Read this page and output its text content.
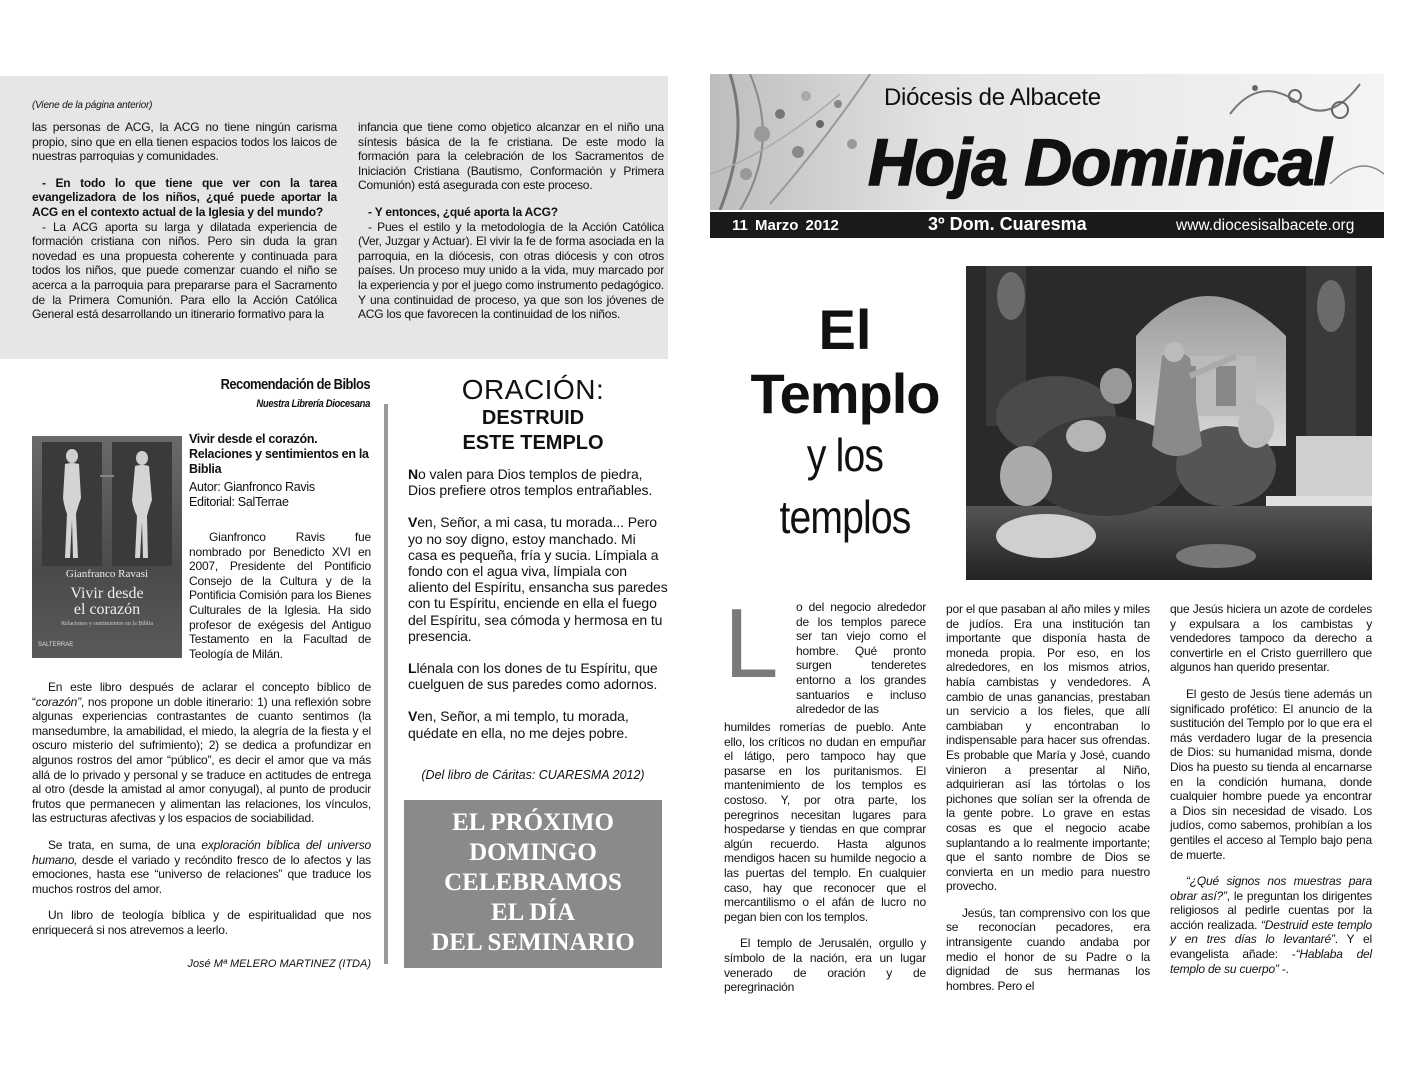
(Viene de la página anterior)

las personas de ACG, la ACG no tiene ningún carisma propio, sino que en ella tienen espacios todos los laicos de nuestras parroquias y comunidades.

- En todo lo que tiene que ver con la tarea evangelizadora de los niños, ¿qué puede aportar la ACG en el contexto actual de la Iglesia y del mundo?

- La ACG aporta su larga y dilatada experiencia de formación cristiana con niños. Pero sin duda la gran novedad es una propuesta coherente y continuada para todos los niños, que puede comenzar cuando el niño se acerca a la parroquia para prepararse para el Sacramento de la Primera Comunión. Para ello la Acción Católica General está desarrollando un itinerario formativo para la

infancia que tiene como objetico alcanzar en el niño una síntesis básica de la fe cristiana. De este modo la formación para la celebración de los Sacramentos de Iniciación Cristiana (Bautismo, Conformación y Primera Comunión) está asegurada con este proceso.

- Y entonces, ¿qué aporta la ACG?

- Pues el estilo y la metodología de la Acción Católica (Ver, Juzgar y Actuar). El vivir la fe de forma asociada en la parroquia, en la diócesis, con otras diócesis y con otros países. Un proceso muy unido a la vida, muy marcado por la experiencia y por el juego como instrumento pedagógico. Y una continuidad de proceso, ya que son los jóvenes de ACG los que favorecen la continuidad de los niños.

Recomendación de Biblos
Nuestra Librería Diocesana
Gianfranco Ravasi
Vivir desde
el corazón
Relaciones y sentimientos en la Biblia
SALTERRAE
Vivir desde el corazón. Relaciones y sentimientos en la Biblia
Autor: Gianfronco Ravis
Editorial: SalTerrae

Gianfronco Ravis fue nombrado por Benedicto XVI en 2007, Presidente del Pontificio Consejo de la Cultura y de la Pontificia Comisión para los Bienes Culturales de la Iglesia. Ha sido profesor de exégesis del Antiguo Testamento en la Facultad de Teología de Milán.

En este libro después de aclarar el concepto bíblico de “corazón”, nos propone un doble itinerario: 1) una reflexión sobre algunas experiencias contrastantes de cuanto sentimos (la mansedumbre, la amabilidad, el miedo, la alegría de la fiesta y el oscuro misterio del sufrimiento); 2) se dedica a profundizar en algunos rostros del amor “público”, es decir el amor que va más allá de lo privado y personal y se traduce en actitudes de entrega al otro (desde la amistad al amor conyugal), al punto de producir frutos que permanecen y alimentan las relaciones, los vínculos, las estructuras afectivas y los espacios de sociabilidad.

Se trata, en suma, de una exploración bíblica del universo humano, desde el variado y recóndito fresco de lo afectos y las emociones, hasta ese “universo de relaciones” que traduce los muchos rostros del amor.

Un libro de teología bíblica y de espiritualidad que nos enriquecerá si nos atrevemos a leerlo.

José Mª MELERO MARTINEZ (ITDA)
ORACIÓN:
DESTRUID
ESTE TEMPLO

No valen para Dios templos de piedra, Dios prefiere otros templos entrañables.

Ven, Señor, a mi casa, tu morada... Pero yo no soy digno, estoy manchado. Mi casa es pequeña, fría y sucia. Límpiala a fondo con el agua viva, límpiala con aliento del Espíritu, ensancha sus paredes con tu Espíritu, enciende en ella el fuego del Espíritu, sea cómoda y hermosa en tu presencia.

Llénala con los dones de tu Espíritu, que cuelguen de sus paredes como adornos.

Ven, Señor, a mi templo, tu morada, quédate en ella, no me dejes pobre.

(Del libro de Cáritas: CUARESMA 2012)
EL PRÓXIMO
DOMINGO
CELEBRAMOS
EL DÍA
DEL SEMINARIO
Diócesis de Albacete
Hoja Dominical
11 Marzo 2012	3º Dom. Cuaresma	www.diocesisalbacete.org
El
Templo
y los
templos
L o del negocio alrededor de los templos parece ser tan viejo como el hombre. Qué pronto surgen tenderetes entorno a los grandes santuarios e incluso alrededor de las

humildes romerías de pueblo. Ante ello, los críticos no dudan en empuñar el látigo, pero tampoco hay que pasarse en los puritanismos. El mantenimiento de los templos es costoso. Y, por otra parte, los peregrinos necesitan lugares para hospedarse y tiendas en que comprar algún recuerdo. Hasta algunos mendigos hacen su humilde negocio a las puertas del templo. En cualquier caso, hay que reconocer que el mercantilismo o el afán de lucro no pegan bien con los templos.

El templo de Jerusalén, orgullo y símbolo de la nación, era un lugar venerado de oración y de peregrinación

por el que pasaban al año miles y miles de judíos. Era una institución tan importante que disponía hasta de moneda propia. Por eso, en los alrededores, en los mismos atrios, había cambistas y vendedores. A cambio de unas ganancias, prestaban un servicio a los fieles, que allí cambiaban y encontraban lo indispensable para hacer sus ofrendas. Es probable que María y José, cuando vinieron a presentar al Niño, adquirieran así las tórtolas o los pichones que solían ser la ofrenda de la gente pobre. Lo grave en estas cosas es que el negocio acabe suplantando a lo realmente importante; que el santo nombre de Dios se convierta en un medio para nuestro provecho.

Jesús, tan comprensivo con los que se reconocían pecadores, era intransigente cuando andaba por medio el honor de su Padre o la dignidad de sus hermanas los hombres. Pero el

que Jesús hiciera un azote de cordeles y expulsara a los cambistas y vendedores tampoco da derecho a convertirle en el Cristo guerrillero que algunos han querido presentar.

El gesto de Jesús tiene además un significado profético: El anuncio de la sustitución del Templo por lo que era el más verdadero lugar de la presencia de Dios: su humanidad misma, donde Dios ha puesto su tienda al encarnarse en la condición humana, donde cualquier hombre puede ya encontrar a Dios sin necesidad de visado. Los judíos, como sabemos, prohibían a los gentiles el acceso al Templo bajo pena de muerte.

“¿Qué signos nos muestras para obrar así?”, le preguntan los dirigentes religiosos al pedirle cuentas por la acción realizada. “Destruid este templo y en tres días lo levantaré”. Y el evangelista añade: -“Hablaba del templo de su cuerpo” -.
